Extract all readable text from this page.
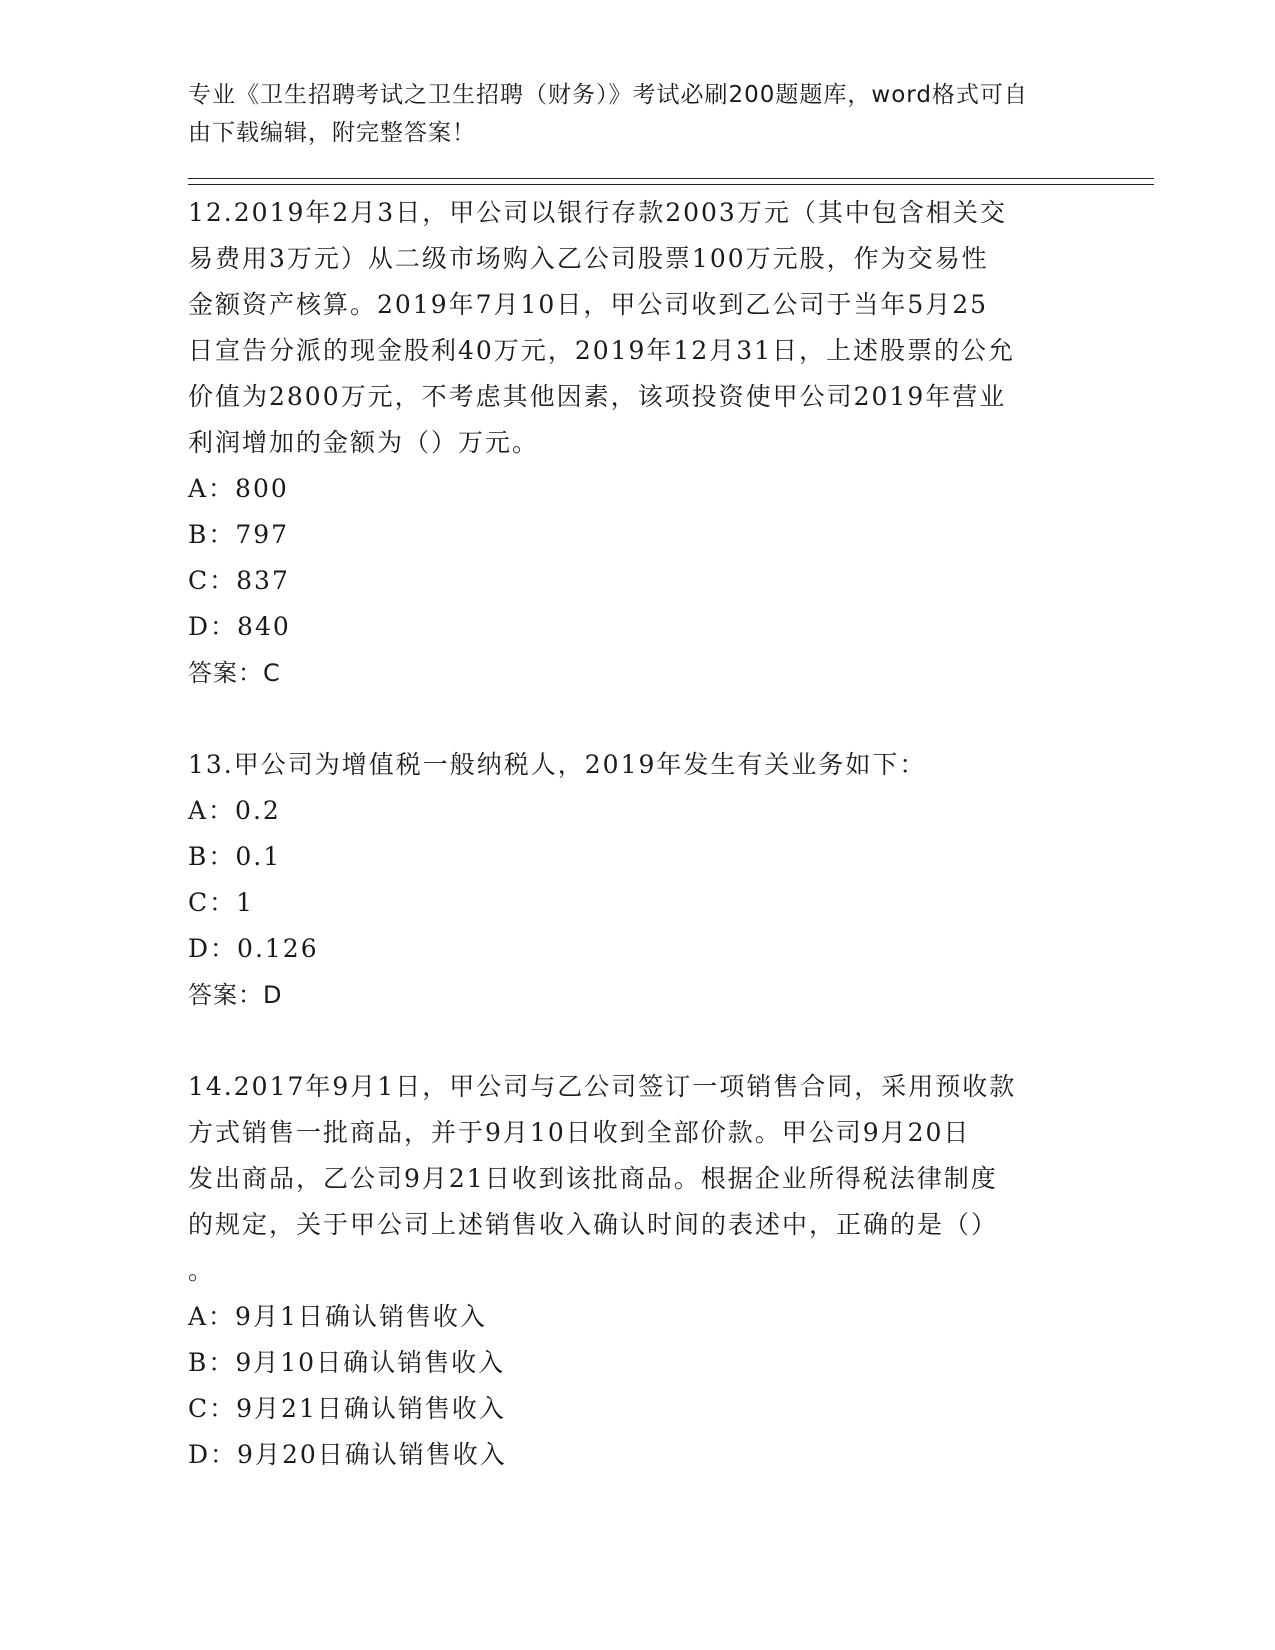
专业《卫生招聘考试之卫生招聘（财务）》考试必刷200题题库，word格式可自
由下载编辑，附完整答案！
12.2019年2月3日，甲公司以银行存款2003万元（其中包含相关交
易费用3万元）从二级市场购入乙公司股票100万元股，作为交易性
金额资产核算。2019年7月10日，甲公司收到乙公司于当年5月25
日宣告分派的现金股利40万元，2019年12月31日，上述股票的公允
价值为2800万元，不考虑其他因素，该项投资使甲公司2019年营业
利润增加的金额为（）万元。
A：800
B：797
C：837
D：840
答案：C
13.甲公司为增值税一般纳税人，2019年发生有关业务如下：
A：0.2
B：0.1
C：1
D：0.126
答案：D
14.2017年9月1日，甲公司与乙公司签订一项销售合同，采用预收款
方式销售一批商品，并于9月10日收到全部价款。甲公司9月20日
发出商品，乙公司9月21日收到该批商品。根据企业所得税法律制度
的规定，关于甲公司上述销售收入确认时间的表述中，正确的是（）
。
A：9月1日确认销售收入
B：9月10日确认销售收入
C：9月21日确认销售收入
D：9月20日确认销售收入
